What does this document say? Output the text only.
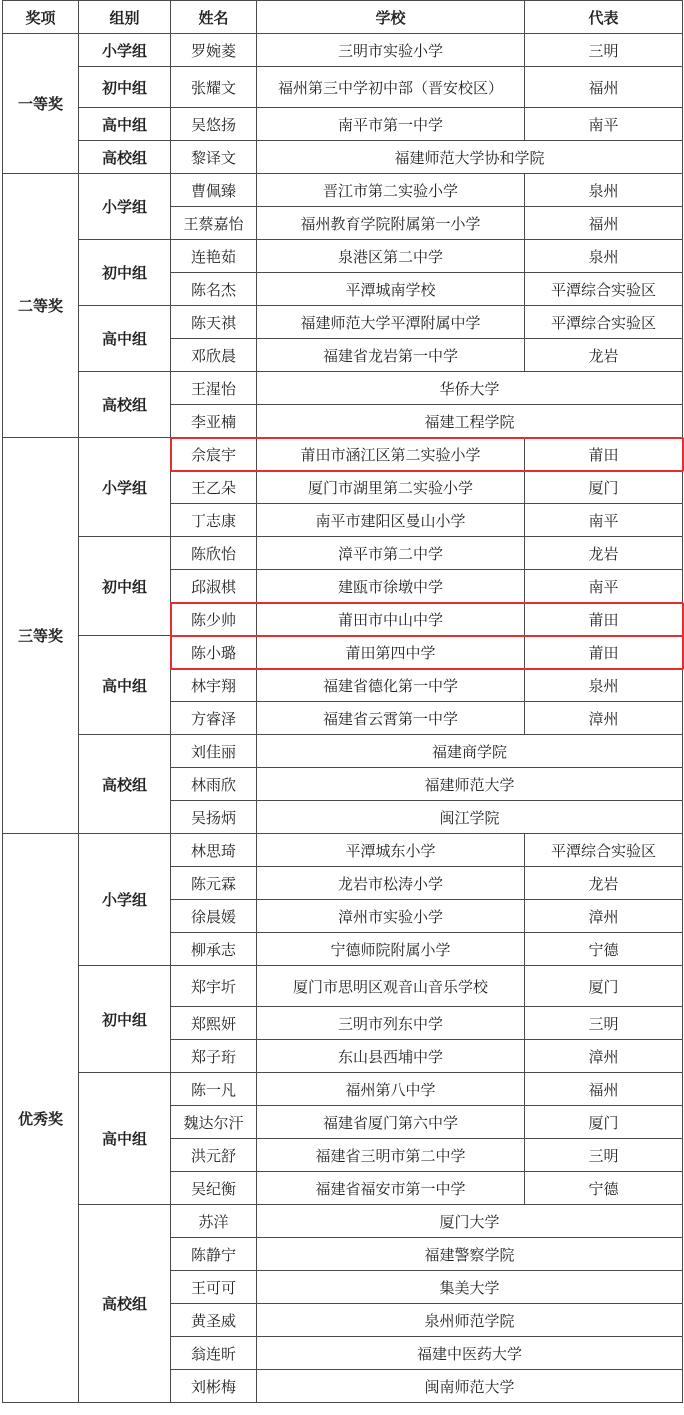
奖项	组别	姓名	学校	代表
一等奖	小学组	罗婉菱	三明市实验小学	三明
	初中组	张耀文	福州第三中学初中部（晋安校区）	福州
	高中组	吴悠扬	南平市第一中学	南平
	高校组	黎译文	福建师范大学协和学院	
二等奖	小学组	曹佩臻	晋江市第二实验小学	泉州
		王蔡嘉怡	福州教育学院附属第一小学	福州
	初中组	连艳茹	泉港区第二中学	泉州
		陈名杰	平潭城南学校	平潭综合实验区
	高中组	陈天祺	福建师范大学平潭附属中学	平潭综合实验区
		邓欣晨	福建省龙岩第一中学	龙岩
	高校组	王湦怡	华侨大学	
		李亚楠	福建工程学院	
三等奖	小学组	佘宸宇	莆田市涵江区第二实验小学	莆田
		王乙朵	厦门市湖里第二实验小学	厦门
		丁志康	南平市建阳区曼山小学	南平
	初中组	陈欣怡	漳平市第二中学	龙岩
		邱淑棋	建瓯市徐墩中学	南平
		陈少帅	莆田市中山中学	莆田
	高中组	陈小璐	莆田第四中学	莆田
		林宇翔	福建省德化第一中学	泉州
		方睿泽	福建省云霄第一中学	漳州
	高校组	刘佳丽	福建商学院	
		林雨欣	福建师范大学	
		吴扬炳	闽江学院	
优秀奖	小学组	林思琦	平潭城东小学	平潭综合实验区
		陈元霖	龙岩市松涛小学	龙岩
		徐晨媛	漳州市实验小学	漳州
		柳承志	宁德师院附属小学	宁德
	初中组	郑宇圻	厦门市思明区观音山音乐学校	厦门
		郑熙妍	三明市列东中学	三明
		郑子珩	东山县西埔中学	漳州
	高中组	陈一凡	福州第八中学	福州
		魏达尔汗	福建省厦门第六中学	厦门
		洪元舒	福建省三明市第二中学	三明
		吴纪衡	福建省福安市第一中学	宁德
	高校组	苏洋	厦门大学	
		陈静宁	福建警察学院	
		王可可	集美大学	
		黄圣威	泉州师范学院	
		翁连昕	福建中医药大学	
		刘彬梅	闽南师范大学	
